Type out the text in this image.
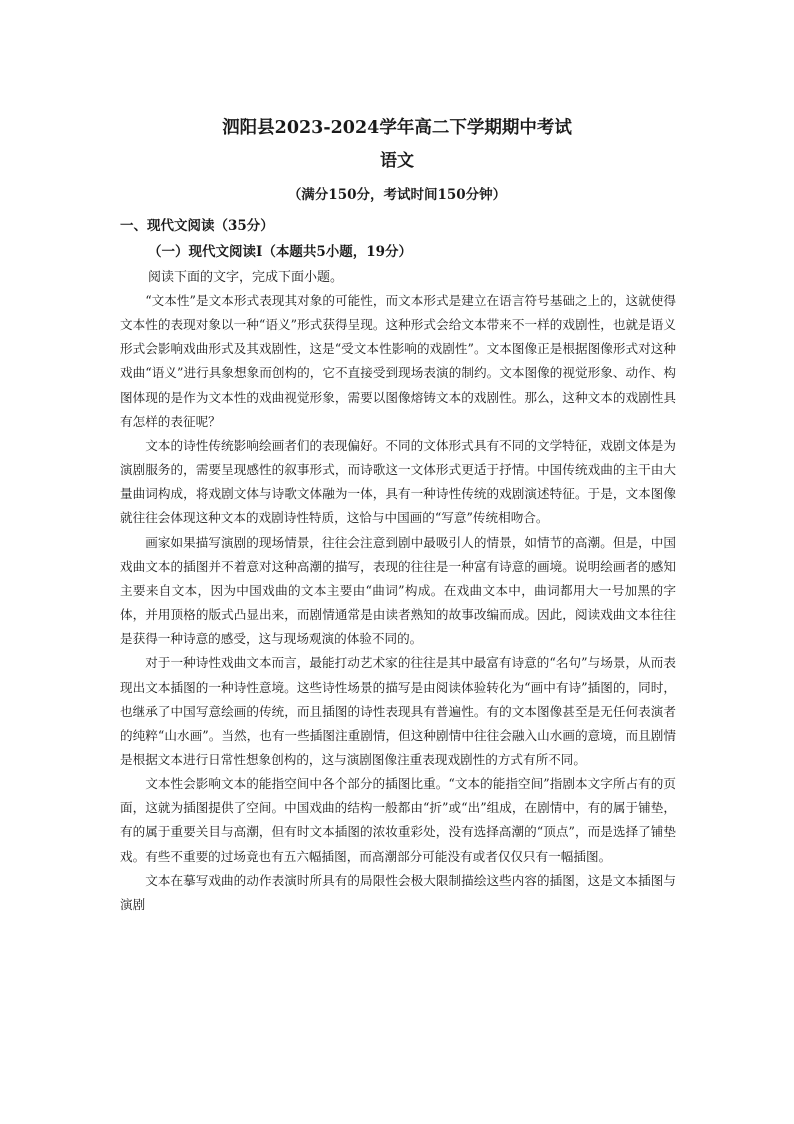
泗阳县2023-2024学年高二下学期期中考试
语文
（满分150分，考试时间150分钟）
一、现代文阅读（35分）
（一）现代文阅读Ⅰ（本题共5小题，19分）
阅读下面的文字，完成下面小题。

“文本性”是文本形式表现其对象的可能性，而文本形式是建立在语言符号基础之上的，这就使得文本性的表现对象以一种“语义”形式获得呈现。这种形式会给文本带来不一样的戏剧性，也就是语义形式会影响戏曲形式及其戏剧性，这是“受文本性影响的戏剧性”。文本图像正是根据图像形式对这种戏曲“语义”进行具象想象而创构的，它不直接受到现场表演的制约。文本图像的视觉形象、动作、构图体现的是作为文本性的戏曲视觉形象，需要以图像熔铸文本的戏剧性。那么，这种文本的戏剧性具有怎样的表征呢？

文本的诗性传统影响绘画者们的表现偏好。不同的文体形式具有不同的文学特征，戏剧文体是为演剧服务的，需要呈现感性的叙事形式，而诗歌这一文体形式更适于抒情。中国传统戏曲的主干由大量曲词构成，将戏剧文体与诗歌文体融为一体，具有一种诗性传统的戏剧演述特征。于是，文本图像就往往会体现这种文本的戏剧诗性特质，这恰与中国画的“写意”传统相吻合。

画家如果描写演剧的现场情景，往往会注意到剧中最吸引人的情景，如情节的高潮。但是，中国戏曲文本的插图并不着意对这种高潮的描写，表现的往往是一种富有诗意的画境。说明绘画者的感知主要来自文本，因为中国戏曲的文本主要由“曲词”构成。在戏曲文本中，曲词都用大一号加黑的字体，并用顶格的版式凸显出来，而剧情通常是由读者熟知的故事改编而成。因此，阅读戏曲文本往往是获得一种诗意的感受，这与现场观演的体验不同的。

对于一种诗性戏曲文本而言，最能打动艺术家的往往是其中最富有诗意的“名句”与场景，从而表现出文本插图的一种诗性意境。这些诗性场景的描写是由阅读体验转化为“画中有诗”插图的，同时，也继承了中国写意绘画的传统，而且插图的诗性表现具有普遍性。有的文本图像甚至是无任何表演者的纯粹“山水画”。当然，也有一些插图注重剧情，但这种剧情中往往会融入山水画的意境，而且剧情是根据文本进行日常性想象创构的，这与演剧图像注重表现戏剧性的方式有所不同。

文本性会影响文本的能指空间中各个部分的插图比重。“文本的能指空间”指剧本文字所占有的页面，这就为插图提供了空间。中国戏曲的结构一般都由“折”或“出”组成，在剧情中，有的属于铺垫，有的属于重要关目与高潮，但有时文本插图的浓妆重彩处，没有选择高潮的“顶点”，而是选择了铺垫戏。有些不重要的过场竟也有五六幅插图，而高潮部分可能没有或者仅仅只有一幅插图。

文本在摹写戏曲的动作表演时所具有的局限性会极大限制描绘这些内容的插图，这是文本插图与演剧
